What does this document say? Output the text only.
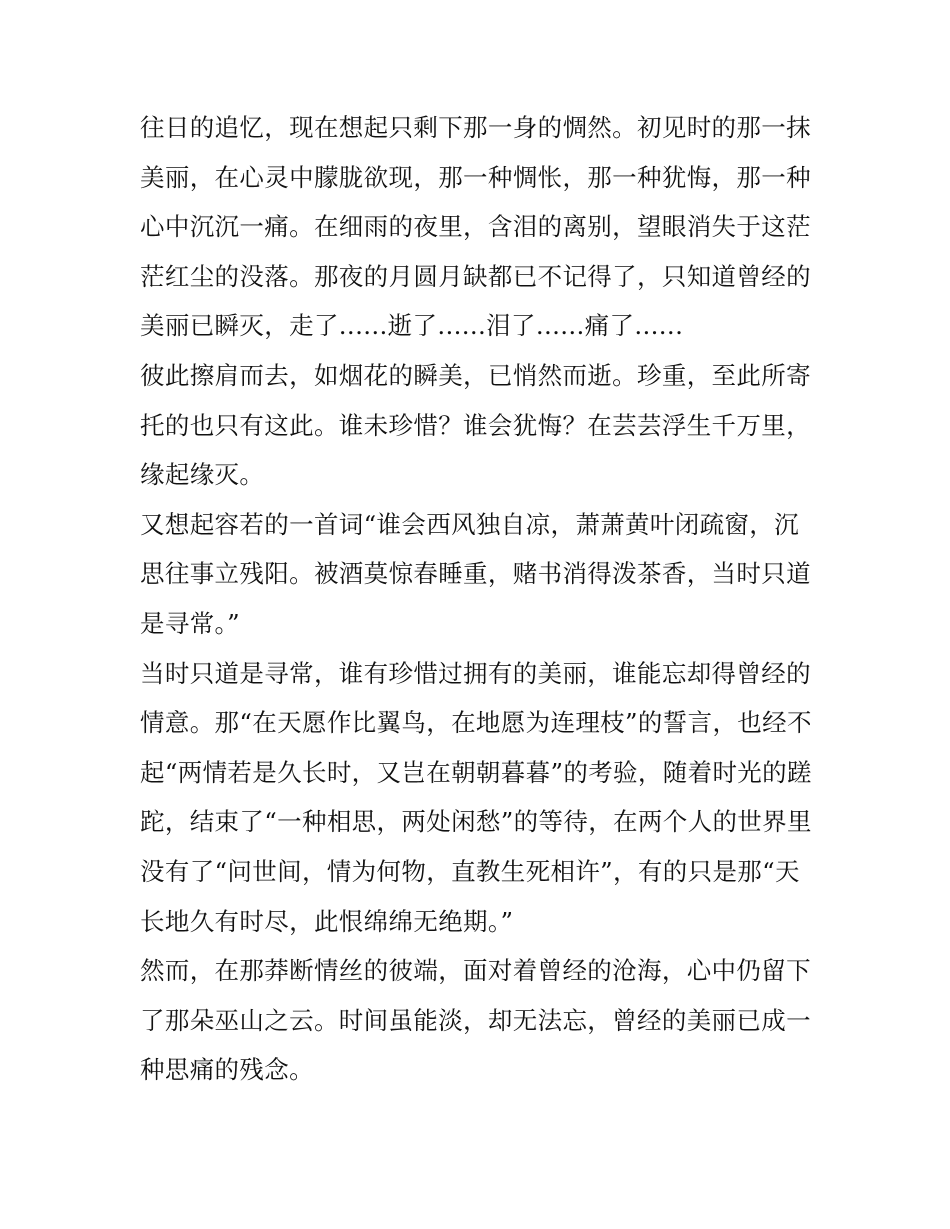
往日的追忆，现在想起只剩下那一身的惆然。初见时的那一抹
美丽，在心灵中朦胧欲现，那一种惆怅，那一种犹悔，那一种
心中沉沉一痛。在细雨的夜里，含泪的离别，望眼消失于这茫
茫红尘的没落。那夜的月圆月缺都已不记得了，只知道曾经的
美丽已瞬灭，走了......逝了......泪了......痛了......
彼此擦肩而去，如烟花的瞬美，已悄然而逝。珍重，至此所寄
托的也只有这此。谁未珍惜？谁会犹悔？在芸芸浮生千万里，
缘起缘灭。
又想起容若的一首词“谁会西风独自凉，萧萧黄叶闭疏窗，沉
思往事立残阳。被酒莫惊春睡重，赌书消得泼茶香，当时只道
是寻常。”
当时只道是寻常，谁有珍惜过拥有的美丽，谁能忘却得曾经的
情意。那“在天愿作比翼鸟，在地愿为连理枝”的誓言，也经不
起“两情若是久长时，又岂在朝朝暮暮”的考验，随着时光的蹉
跎，结束了“一种相思，两处闲愁”的等待，在两个人的世界里
没有了“问世间，情为何物，直教生死相许”，有的只是那“天
长地久有时尽，此恨绵绵无绝期。”
然而，在那莽断情丝的彼端，面对着曾经的沧海，心中仍留下
了那朵巫山之云。时间虽能淡，却无法忘，曾经的美丽已成一
种思痛的残念。
